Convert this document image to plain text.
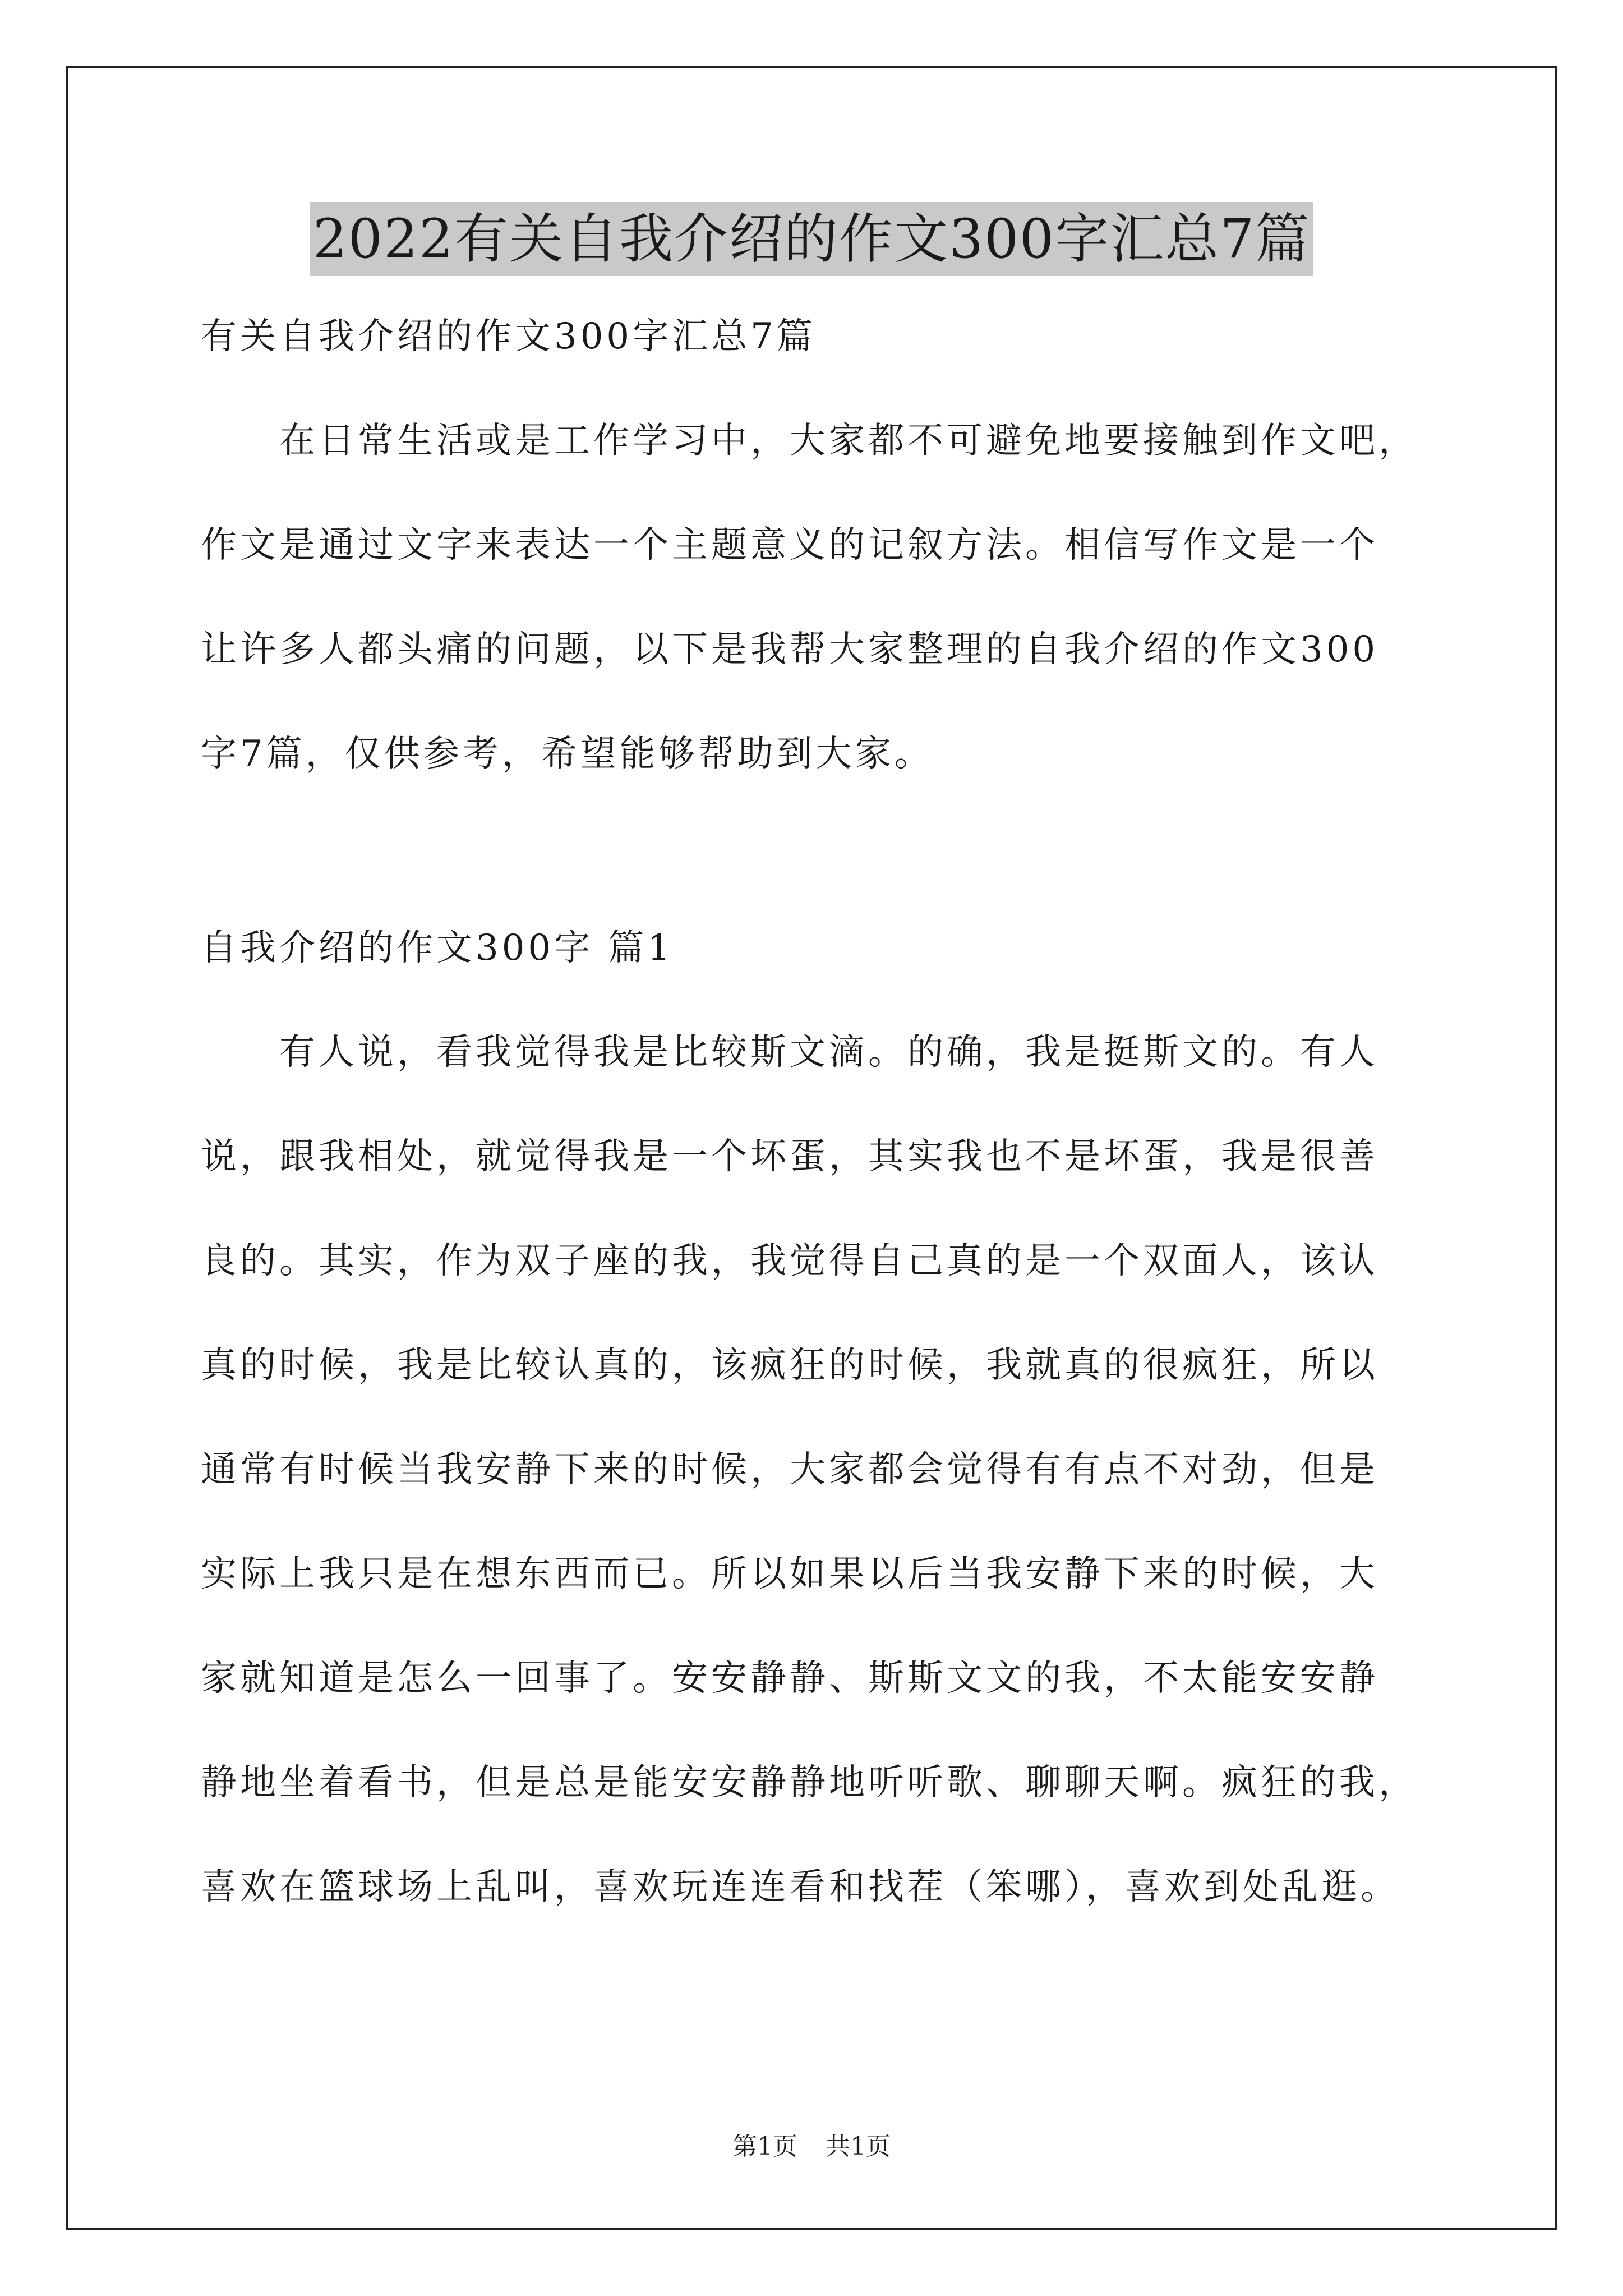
2022有关自我介绍的作文300字汇总7篇
有关自我介绍的作文300字汇总7篇
在日常生活或是工作学习中，大家都不可避免地要接触到作文吧，
作文是通过文字来表达一个主题意义的记叙方法。相信写作文是一个
让许多人都头痛的问题，以下是我帮大家整理的自我介绍的作文300
字7篇，仅供参考，希望能够帮助到大家。
自我介绍的作文300字 篇1
有人说，看我觉得我是比较斯文滴。的确，我是挺斯文的。有人
说，跟我相处，就觉得我是一个坏蛋，其实我也不是坏蛋，我是很善
良的。其实，作为双子座的我，我觉得自己真的是一个双面人，该认
真的时候，我是比较认真的，该疯狂的时候，我就真的很疯狂，所以
通常有时候当我安静下来的时候，大家都会觉得有有点不对劲，但是
实际上我只是在想东西而已。所以如果以后当我安静下来的时候，大
家就知道是怎么一回事了。安安静静、斯斯文文的我，不太能安安静
静地坐着看书，但是总是能安安静静地听听歌、聊聊天啊。疯狂的我，
喜欢在篮球场上乱叫，喜欢玩连连看和找茬（笨哪），喜欢到处乱逛。
第1页 共1页
